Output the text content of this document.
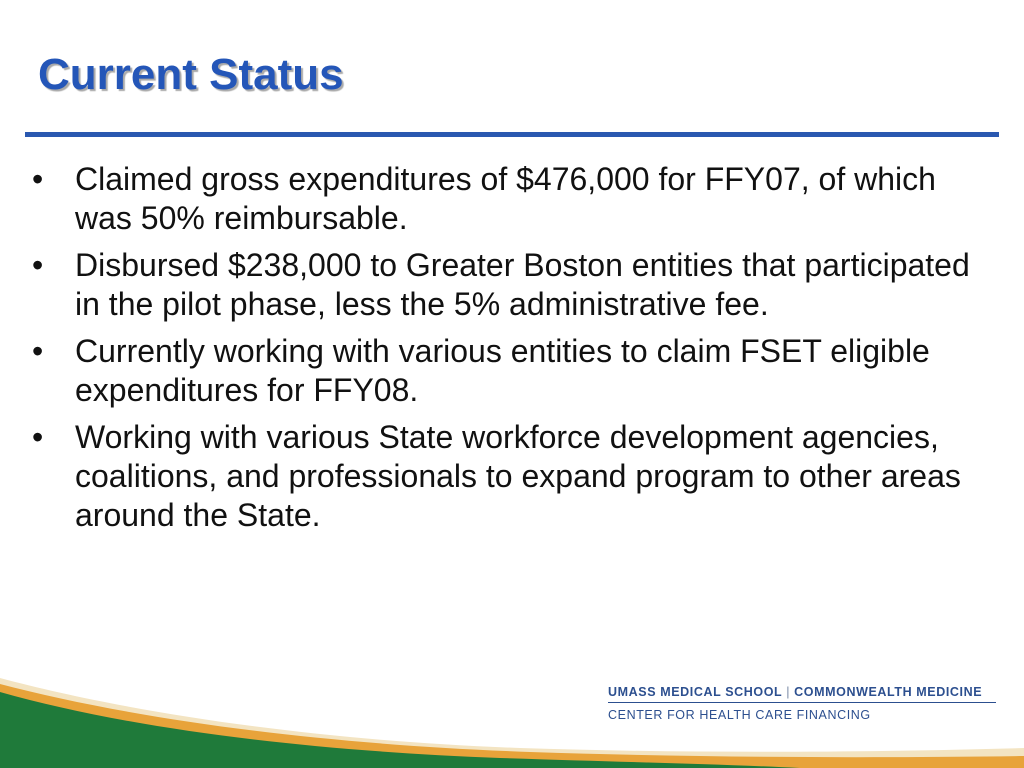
Current Status
• Claimed gross expenditures of $476,000 for FFY07, of which was 50% reimbursable.
• Disbursed $238,000 to Greater Boston entities that participated in the pilot phase, less the 5% administrative fee.
• Currently working with various entities to claim FSET eligible expenditures for FFY08.
• Working with various State workforce development agencies, coalitions, and professionals to expand program to other areas around the State.
UMASS MEDICAL SCHOOL | COMMONWEALTH MEDICINE
CENTER FOR HEALTH CARE FINANCING
